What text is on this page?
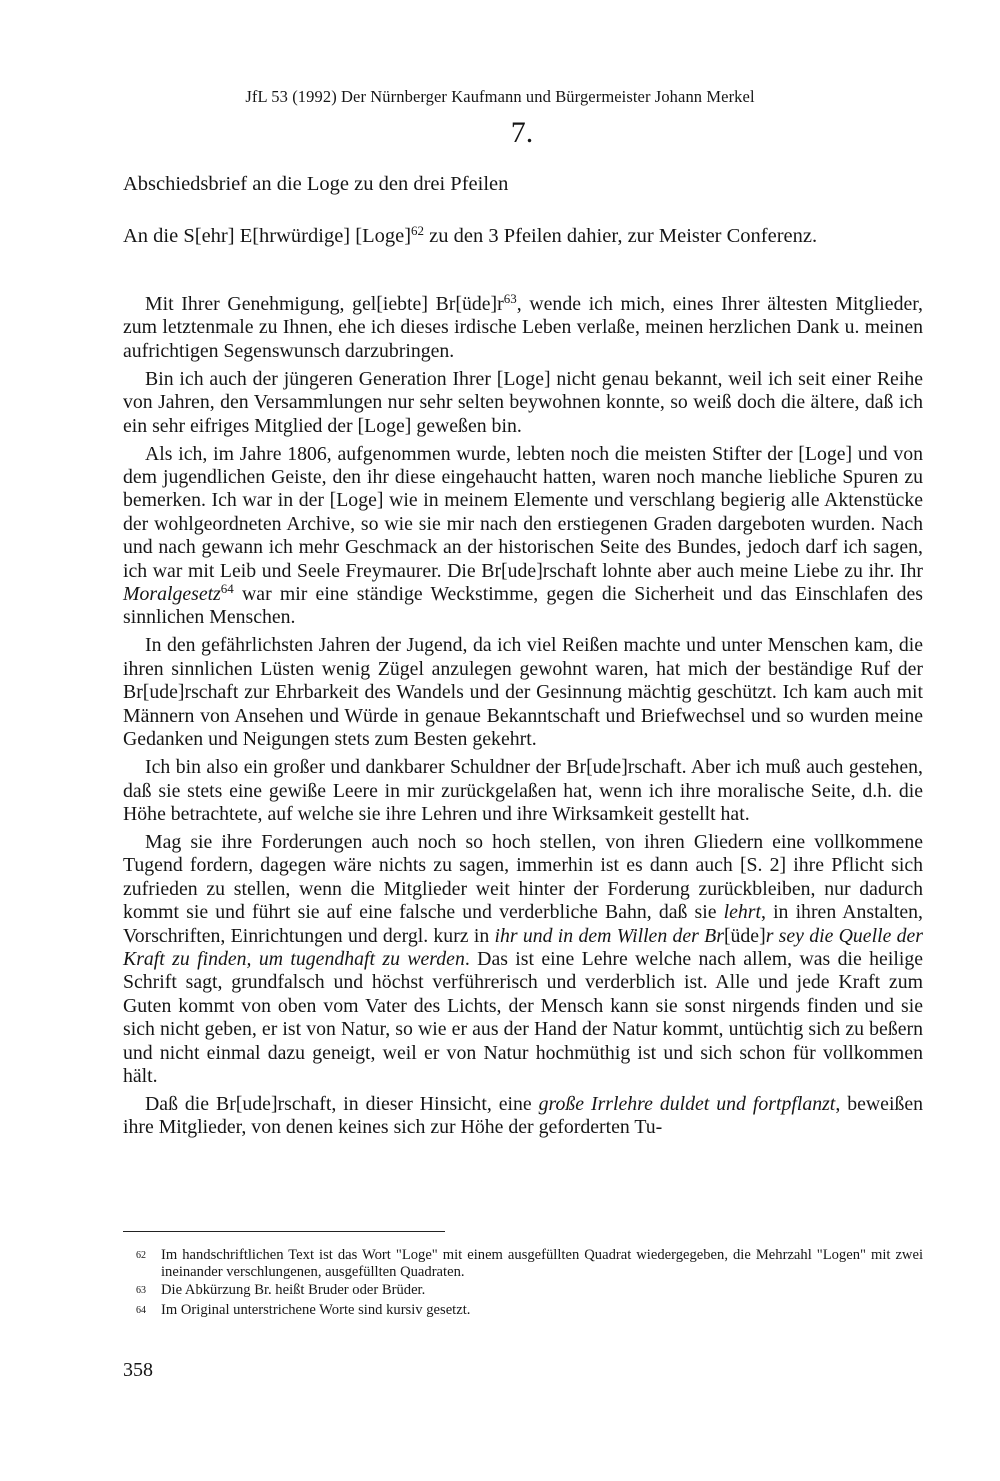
JfL 53 (1992) Der Nürnberger Kaufmann und Bürgermeister Johann Merkel
7.
Abschiedsbrief an die Loge zu den drei Pfeilen
An die S[ehr] E[hrwürdige] [Loge]$^{62}$ zu den 3 Pfeilen dahier, zur Meister Conferenz.

Mit Ihrer Genehmigung, gel[iebte] $Br[üde]r^{63}$, wende ich mich, eines Ihrer ältesten Mitglieder, zum letztenmale zu Ihnen, ehe ich dieses irdische Leben verlaße, meinen herzlichen Dank u. meinen aufrichtigen Segenswunsch darzubringen.

Bin ich auch der jüngeren Generation Ihrer [Loge] nicht genau bekannt, weil ich seit einer Reihe von Jahren, den Versammlungen nur sehr selten beywohnen konnte, so weiß doch die ältere, daß ich ein sehr eifriges Mitglied der [Loge] geweßen bin.

Als ich, im Jahre 1806, aufgenommen wurde, lebten noch die meisten Stifter der [Loge] und von dem jugendlichen Geiste, den ihr diese eingehaucht hatten, waren noch manche liebliche Spuren zu bemerken. Ich war in der [Loge] wie in meinem Elemente und verschlang begierig alle Aktenstücke der wohlgeordneten Archive, so wie sie mir nach den erstiegenen Graden dargeboten wurden. Nach und nach gewann ich mehr Geschmack an der historischen Seite des Bundes, jedoch darf ich sagen, ich war mit Leib und Seele Freymaurer. Die Br[ude]rschaft lohnte aber auch meine Liebe zu ihr. Ihr Moralgesetz$^{64}$ war mir eine ständige Weckstimme, gegen die Sicherheit und das Einschlafen des sinnlichen Menschen.

In den gefährlichsten Jahren der Jugend, da ich viel Reißen machte und unter Menschen kam, die ihren sinnlichen Lüsten wenig Zügel anzulegen gewohnt waren, hat mich der beständige Ruf der Br[ude]rschaft zur Ehrbarkeit des Wandels und der Gesinnung mächtig geschützt. Ich kam auch mit Männern von Ansehen und Würde in genaue Bekanntschaft und Briefwechsel und so wurden meine Gedanken und Neigungen stets zum Besten gekehrt.

Ich bin also ein großer und dankbarer Schuldner der Br[ude]rschaft. Aber ich muß auch gestehen, daß sie stets eine gewiße Leere in mir zurückgelaßen hat, wenn ich ihre moralische Seite, d.h. die Höhe betrachtete, auf welche sie ihre Lehren und ihre Wirksamkeit gestellt hat.

Mag sie ihre Forderungen auch noch so hoch stellen, von ihren Gliedern eine vollkommene Tugend fordern, dagegen wäre nichts zu sagen, immerhin ist es dann auch [S. 2] ihre Pflicht sich zufrieden zu stellen, wenn die Mitglieder weit hinter der Forderung zurückbleiben, nur dadurch kommt sie und führt sie auf eine falsche und verderbliche Bahn, daß sie lehrt, in ihren Anstalten, Vorschriften, Einrichtungen und dergl. kurz in ihr und in dem Willen der Br[üde]r sey die Quelle der Kraft zu finden, um tugendhaft zu werden. Das ist eine Lehre welche nach allem, was die heilige Schrift sagt, grundfalsch und höchst verführerisch und verderblich ist. Alle und jede Kraft zum Guten kommt von oben vom Vater des Lichts, der Mensch kann sie sonst nirgends finden und sie sich nicht geben, er ist von Natur, so wie er aus der Hand der Natur kommt, untüchtig sich zu beßern und nicht einmal dazu geneigt, weil er von Natur hochmüthig ist und sich schon für vollkommen hält.

Daß die Br[ude]rschaft, in dieser Hinsicht, eine große Irrlehre duldet und fortpflanzt, beweißen ihre Mitglieder, von denen keines sich zur Höhe der geforderten Tu-

62	Im handschriftlichen Text ist das Wort "Loge" mit einem ausgefüllten Quadrat wiedergegeben, die Mehrzahl "Logen" mit zwei ineinander verschlungenen, ausgefüllten Quadraten.
63	Die Abkürzung Br. heißt Bruder oder Brüder.
64	Im Original unterstrichene Worte sind kursiv gesetzt.
358
